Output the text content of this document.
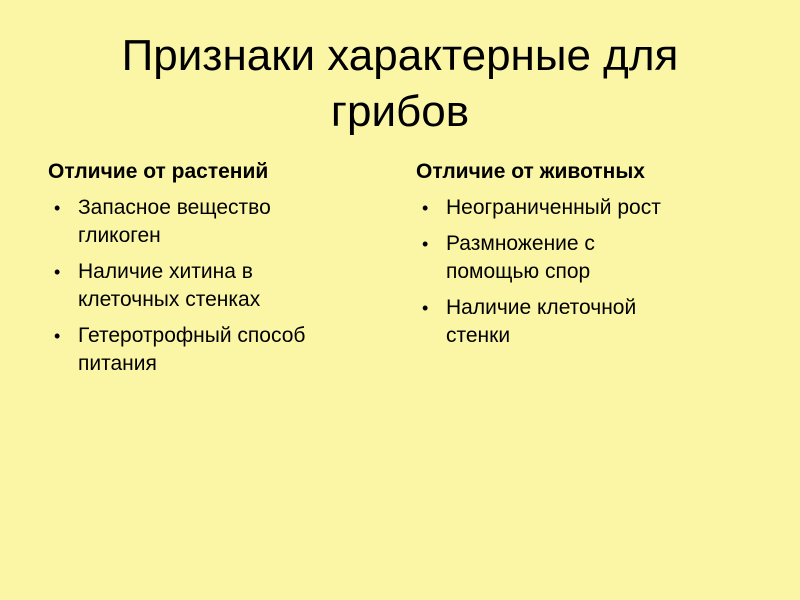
Признаки характерные для
грибов
Отличие от растений
• Запасное вещество
гликоген
• Наличие хитина в
клеточных стенках
• Гетеротрофный способ
питания
Отличие от животных
• Неограниченный рост
• Размножение с
помощью спор
• Наличие клеточной
стенки
